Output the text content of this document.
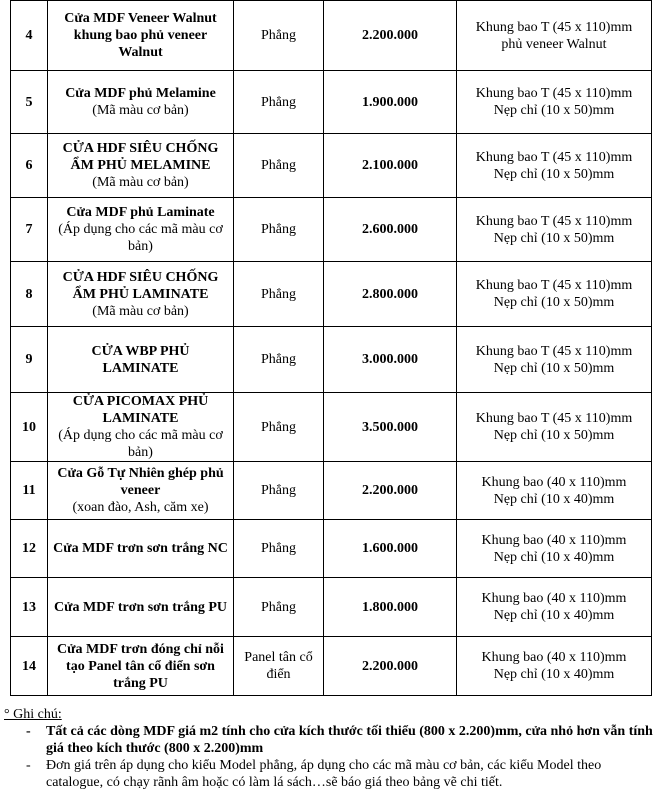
4	Cửa MDF Veneer Walnut khung bao phủ veneer Walnut	Phẳng	2.200.000	Khung bao T (45 x 110)mm
phủ veneer Walnut

5	Cửa MDF phủ Melamine
(Mã màu cơ bản)	Phẳng	1.900.000	Khung bao T (45 x 110)mm
Nẹp chỉ (10 x 50)mm

6	CỬA HDF SIÊU CHỐNG ẨM PHỦ MELAMINE
(Mã màu cơ bản)	Phẳng	2.100.000	Khung bao T (45 x 110)mm
Nẹp chỉ (10 x 50)mm

7	Cửa MDF phủ Laminate
(Áp dụng cho các mã màu cơ bản)	Phẳng	2.600.000	Khung bao T (45 x 110)mm
Nẹp chỉ (10 x 50)mm

8	CỬA HDF SIÊU CHỐNG ẨM PHỦ LAMINATE
(Mã màu cơ bản)	Phẳng	2.800.000	Khung bao T (45 x 110)mm
Nẹp chỉ (10 x 50)mm

9	CỬA WBP PHỦ LAMINATE	Phẳng	3.000.000	Khung bao T (45 x 110)mm
Nẹp chỉ (10 x 50)mm

10	CỬA PICOMAX PHỦ LAMINATE
(Áp dụng cho các mã màu cơ bản)	Phẳng	3.500.000	Khung bao T (45 x 110)mm
Nẹp chỉ (10 x 50)mm

11	Cửa Gỗ Tự Nhiên ghép phủ veneer
(xoan đào, Ash, căm xe)	Phẳng	2.200.000	Khung bao (40 x 110)mm
Nẹp chỉ (10 x 40)mm

12	Cửa MDF trơn sơn trắng NC	Phẳng	1.600.000	Khung bao (40 x 110)mm
Nẹp chỉ (10 x 40)mm

13	Cửa MDF trơn sơn trắng PU	Phẳng	1.800.000	Khung bao (40 x 110)mm
Nẹp chỉ (10 x 40)mm

14	Cửa MDF trơn đóng chỉ nỗi tạo Panel tân cổ điển sơn trắng PU	Panel tân cổ điển	2.200.000	Khung bao (40 x 110)mm
Nẹp chỉ (10 x 40)mm
° Ghi chú:
- Tất cả các dòng MDF giá m2 tính cho cửa kích thước tối thiểu (800 x 2.200)mm, cửa nhỏ hơn vẫn tính giá theo kích thước (800 x 2.200)mm
- Đơn giá trên áp dụng cho kiểu Model phẳng, áp dụng cho các mã màu cơ bản, các kiểu Model theo catalogue, có chạy rãnh âm hoặc có làm lá sách…sẽ báo giá theo bảng vẽ chi tiết.
